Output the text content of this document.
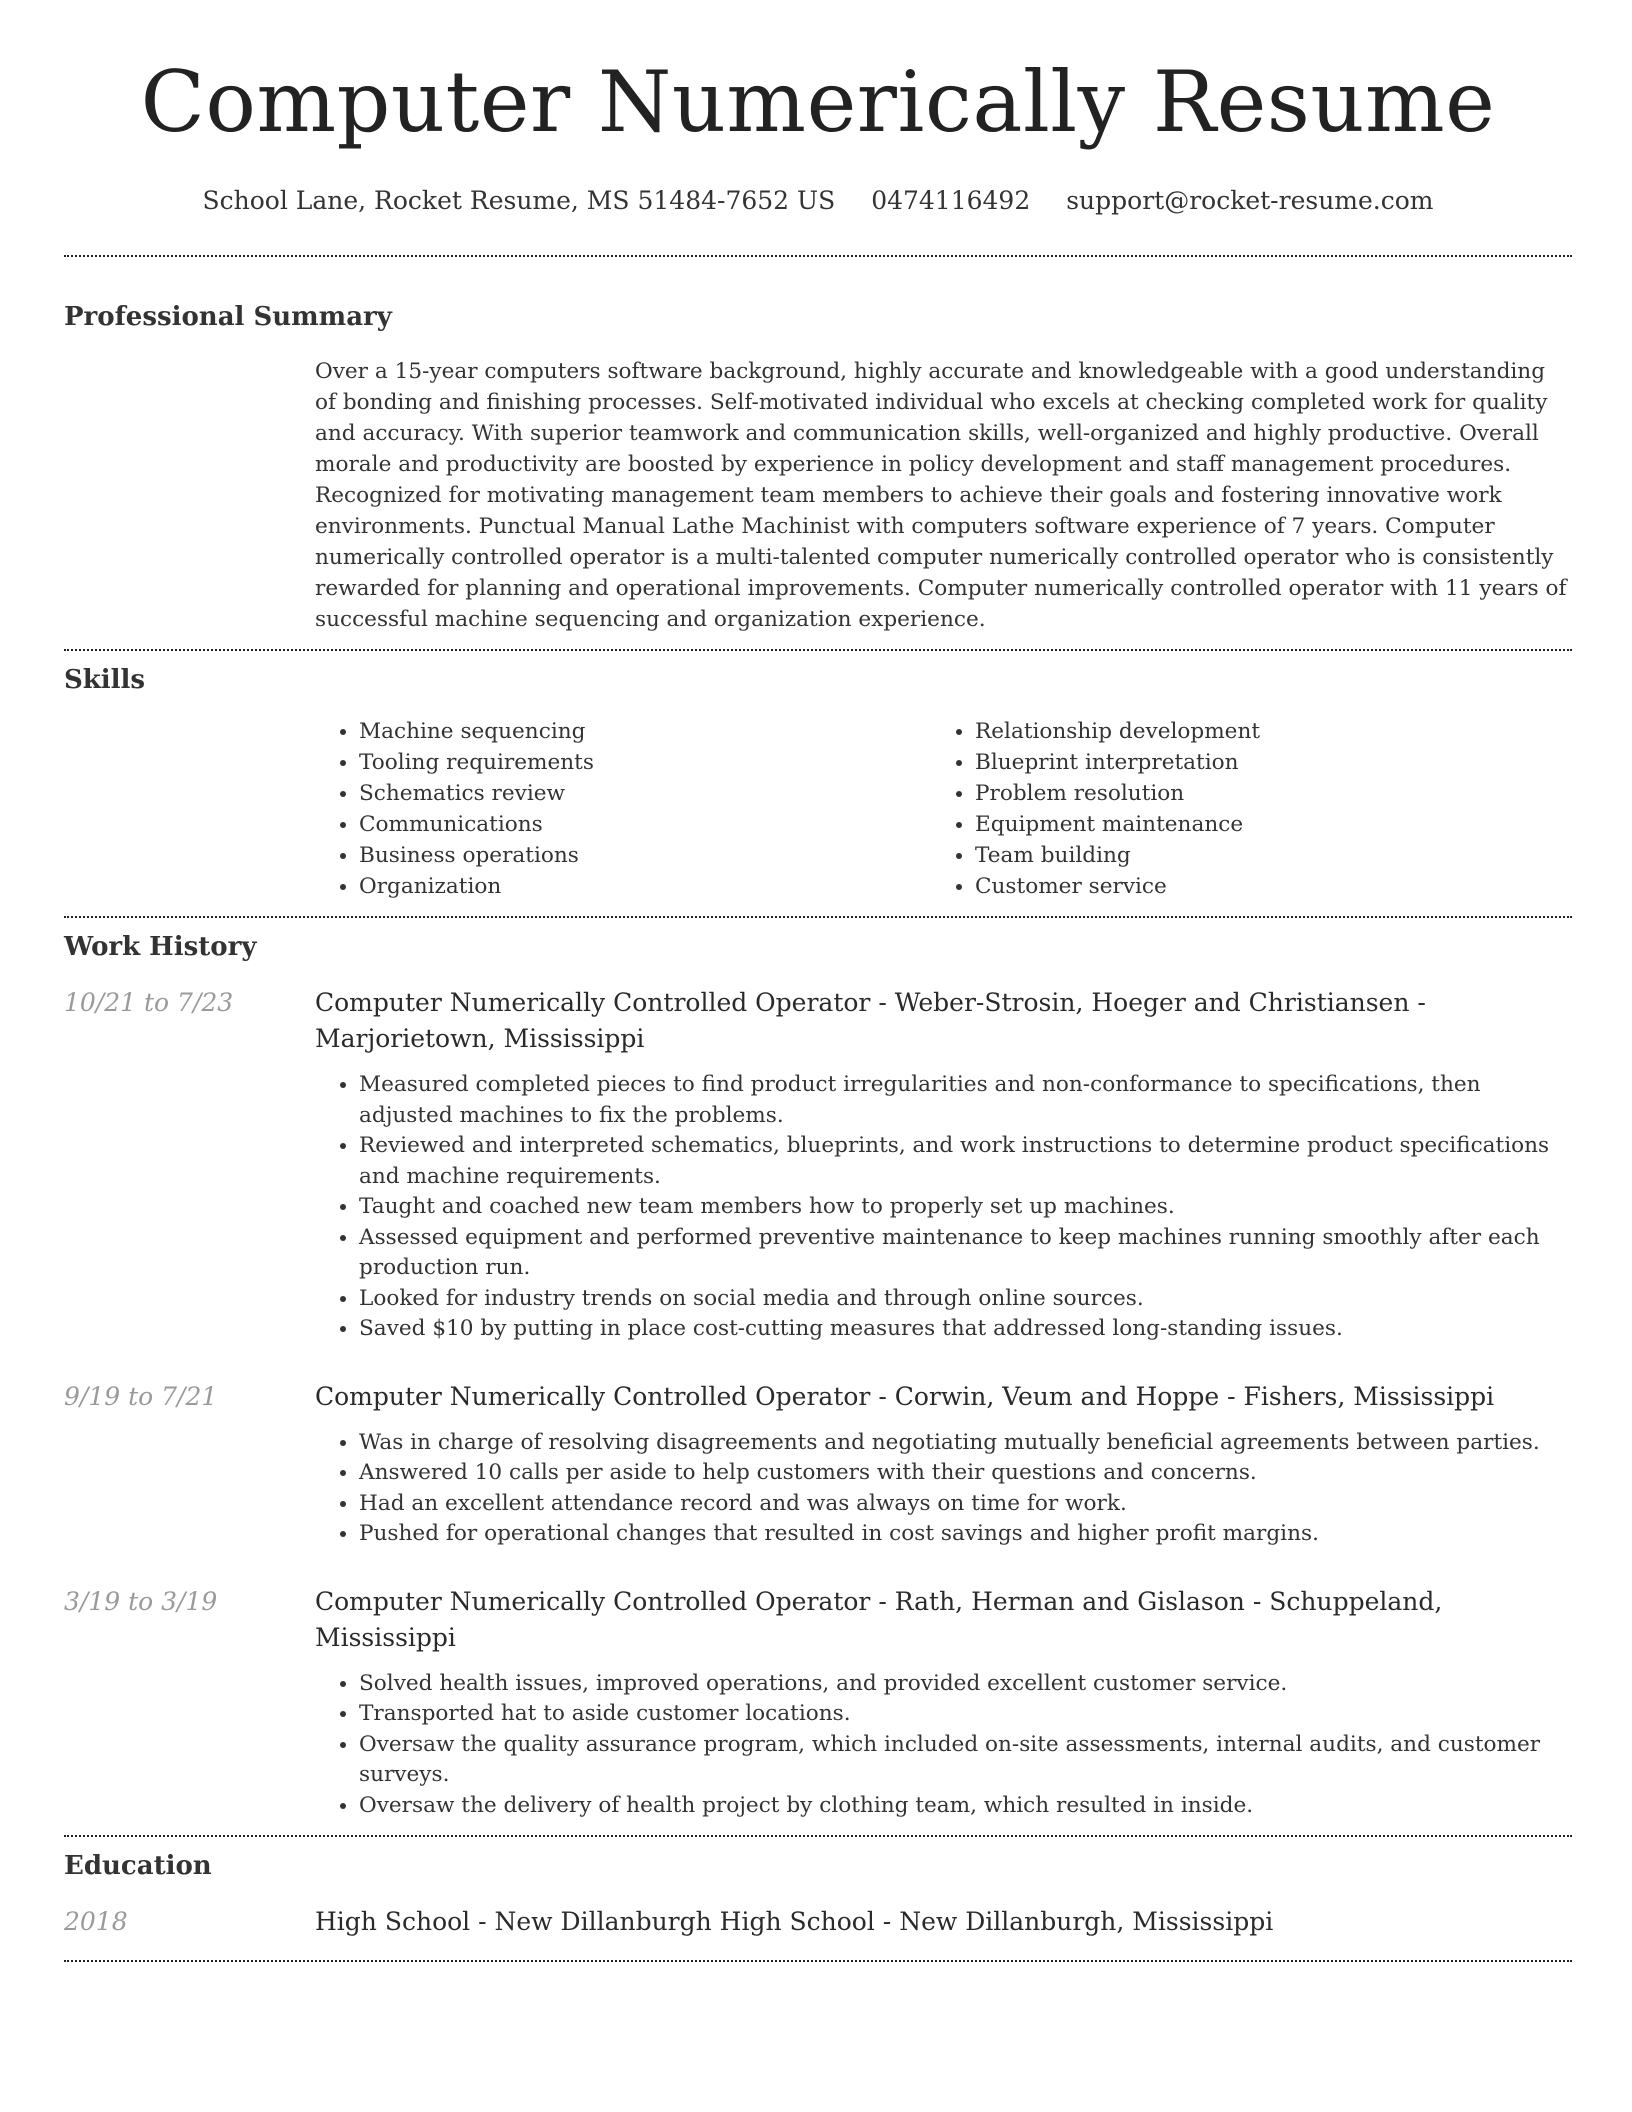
Computer Numerically Resume
School Lane, Rocket Resume, MS 51484-7652 US 0474116492 support@rocket-resume.com
Professional Summary

Over a 15-year computers software background, highly accurate and knowledgeable with a good understanding of bonding and finishing processes. Self-motivated individual who excels at checking completed work for quality and accuracy. With superior teamwork and communication skills, well-organized and highly productive. Overall morale and productivity are boosted by experience in policy development and staff management procedures. Recognized for motivating management team members to achieve their goals and fostering innovative work environments. Punctual Manual Lathe Machinist with computers software experience of 7 years. Computer numerically controlled operator is a multi-talented computer numerically controlled operator who is consistently rewarded for planning and operational improvements. Computer numerically controlled operator with 11 years of successful machine sequencing and organization experience.

Skills
• Machine sequencing
• Tooling requirements
• Schematics review
• Communications
• Business operations
• Organization
• Relationship development
• Blueprint interpretation
• Problem resolution
• Equipment maintenance
• Team building
• Customer service
Work History
10/21 to 7/23	Computer Numerically Controlled Operator - Weber-Strosin, Hoeger and Christiansen - Marjorietown, Mississippi
• Measured completed pieces to find product irregularities and non-conformance to specifications, then adjusted machines to fix the problems.
• Reviewed and interpreted schematics, blueprints, and work instructions to determine product specifications and machine requirements.
• Taught and coached new team members how to properly set up machines.
• Assessed equipment and performed preventive maintenance to keep machines running smoothly after each production run.
• Looked for industry trends on social media and through online sources.
• Saved $10 by putting in place cost-cutting measures that addressed long-standing issues.
9/19 to 7/21	Computer Numerically Controlled Operator - Corwin, Veum and Hoppe - Fishers, Mississippi
• Was in charge of resolving disagreements and negotiating mutually beneficial agreements between parties.
• Answered 10 calls per aside to help customers with their questions and concerns.
• Had an excellent attendance record and was always on time for work.
• Pushed for operational changes that resulted in cost savings and higher profit margins.
3/19 to 3/19	Computer Numerically Controlled Operator - Rath, Herman and Gislason - Schuppeland, Mississippi
• Solved health issues, improved operations, and provided excellent customer service.
• Transported hat to aside customer locations.
• Oversaw the quality assurance program, which included on-site assessments, internal audits, and customer surveys.
• Oversaw the delivery of health project by clothing team, which resulted in inside.
Education
2018	High School - New Dillanburgh High School - New Dillanburgh, Mississippi
